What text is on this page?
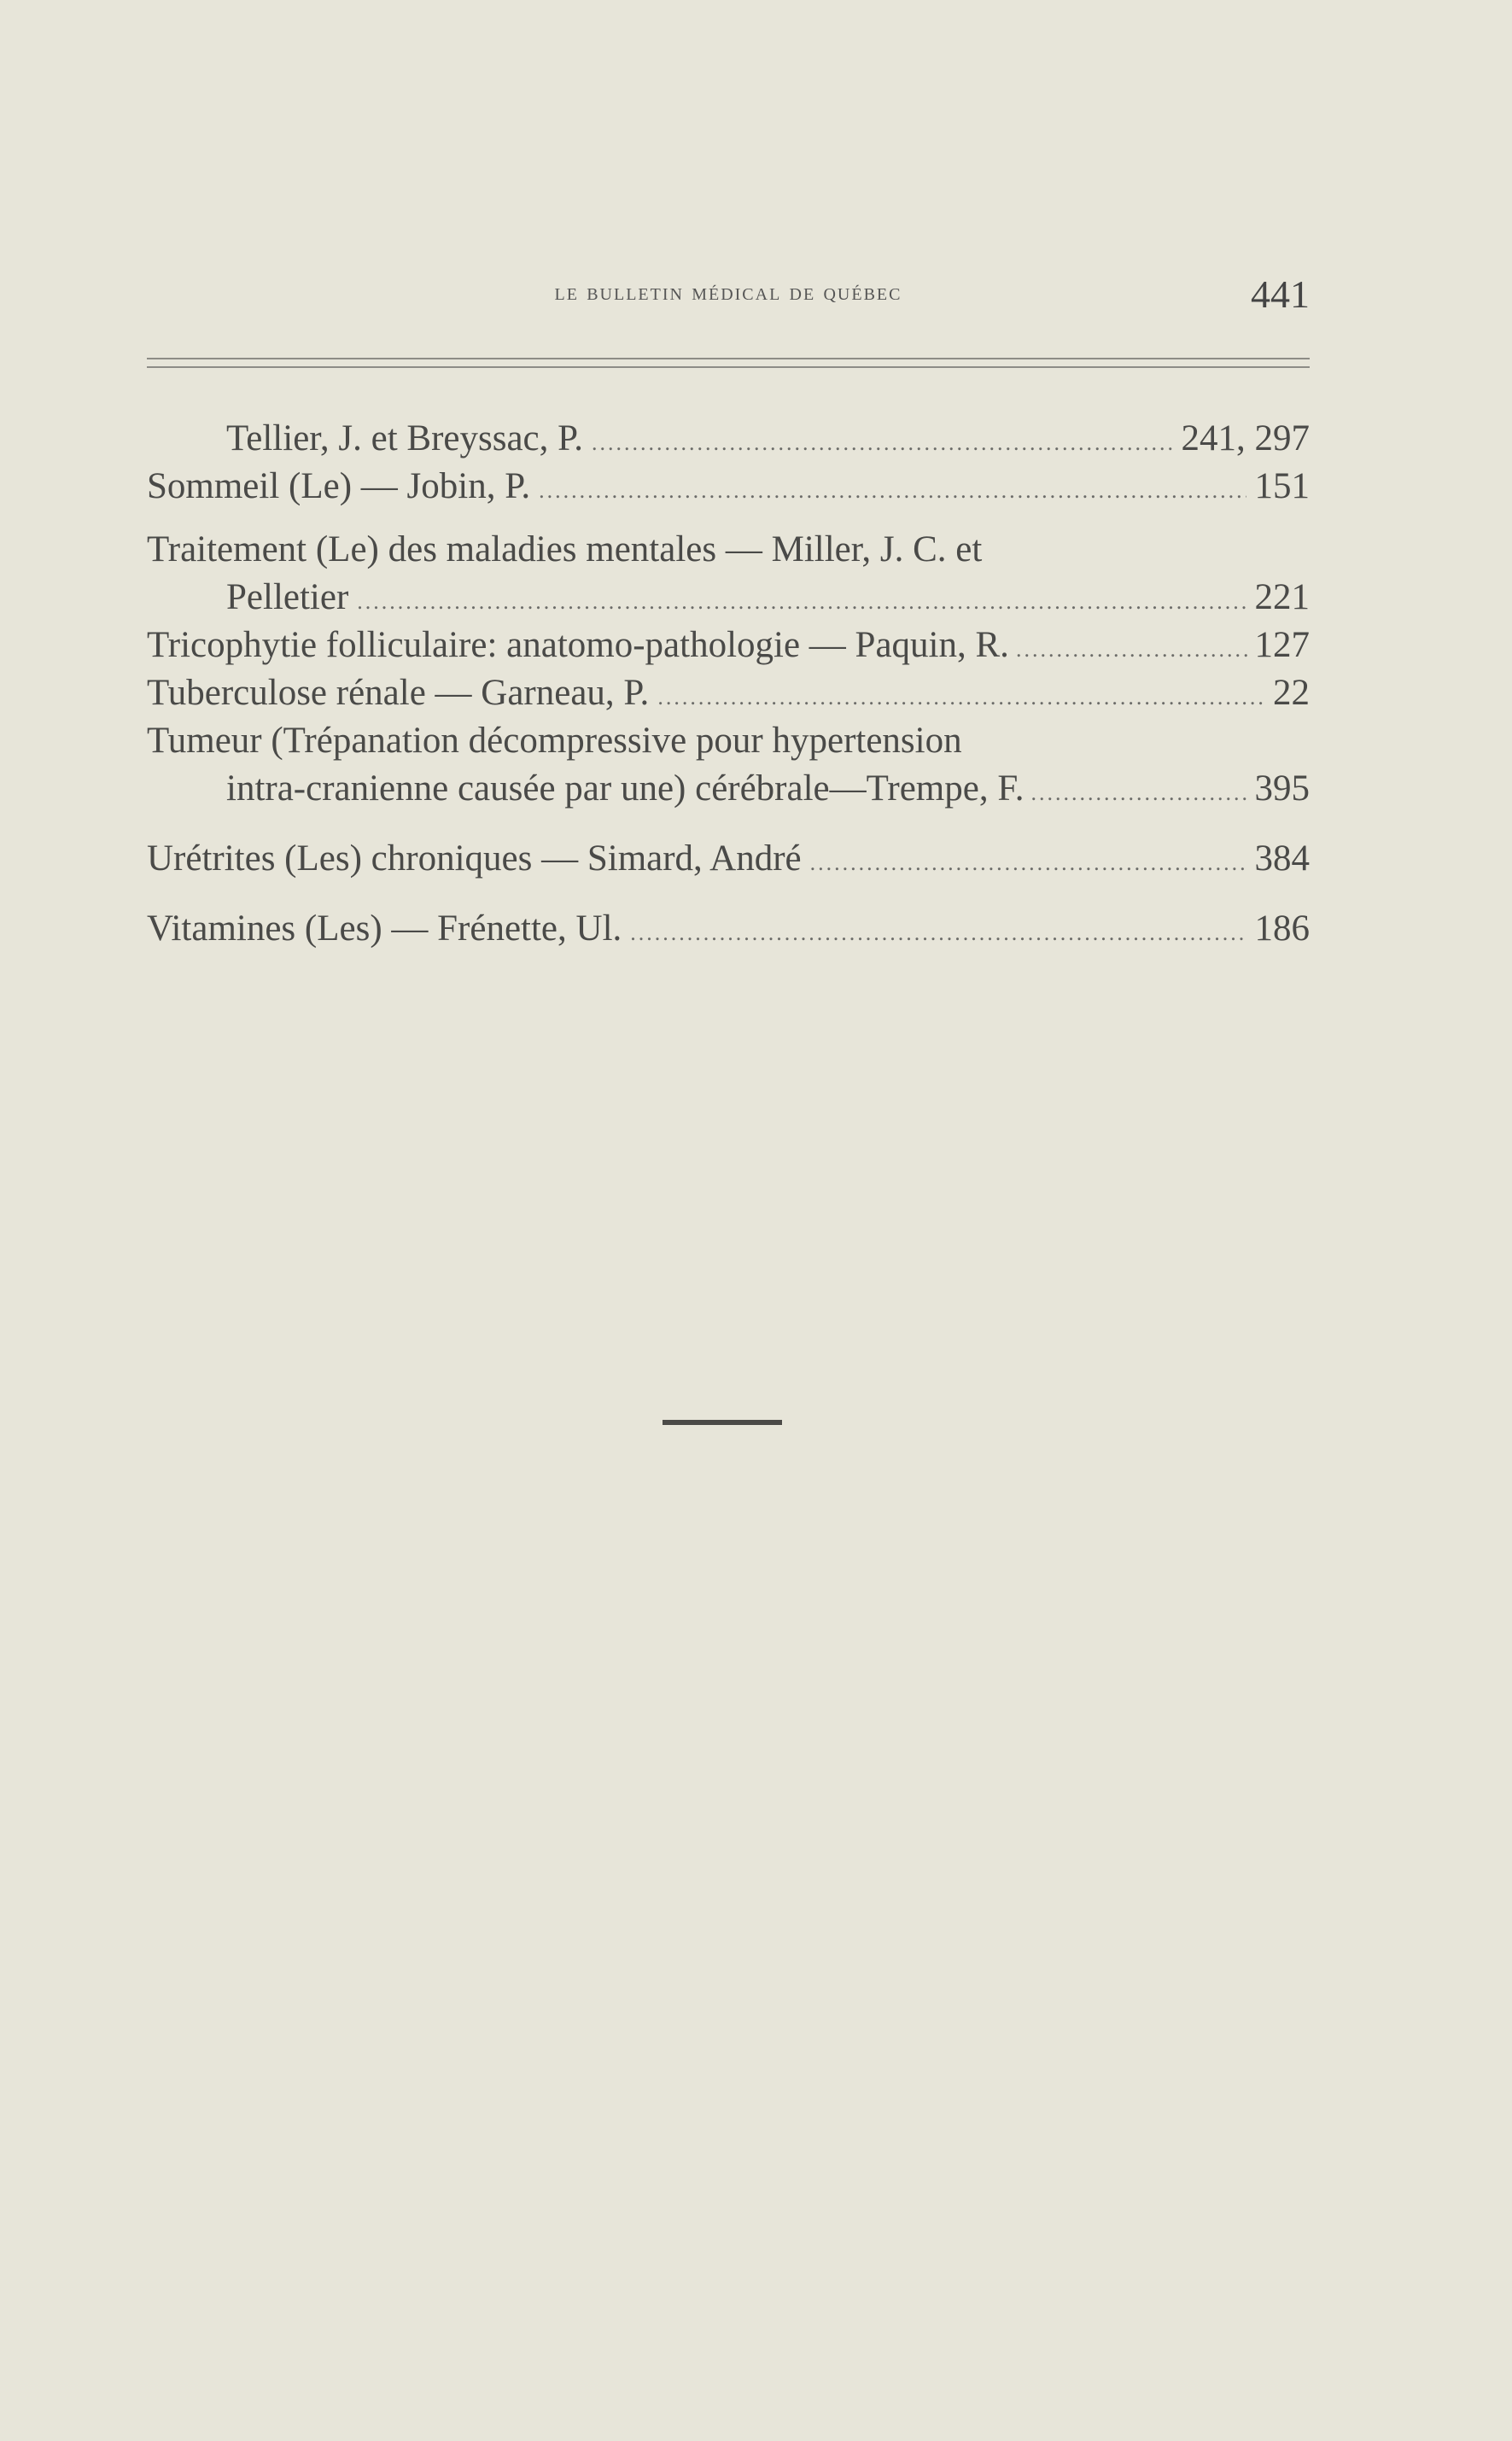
le bulletin médical de québec	441
Tellier, J. et Breyssac, P. .....	241, 297
Sommeil (Le) — Jobin, P. .....	151
Traitement (Le) des maladies mentales — Miller, J. C. et
Pelletier .....	221
Tricophytie folliculaire: anatomo-pathologie — Paquin, R. .....	127
Tuberculose rénale — Garneau, P. .....	22
Tumeur (Trépanation décompressive pour hypertension
intra-cranienne causée par une) cérébrale—Trempe, F. .....	395
Urétrites (Les) chroniques — Simard, André .....	384
Vitamines (Les) — Frénette, Ul. .....	186
